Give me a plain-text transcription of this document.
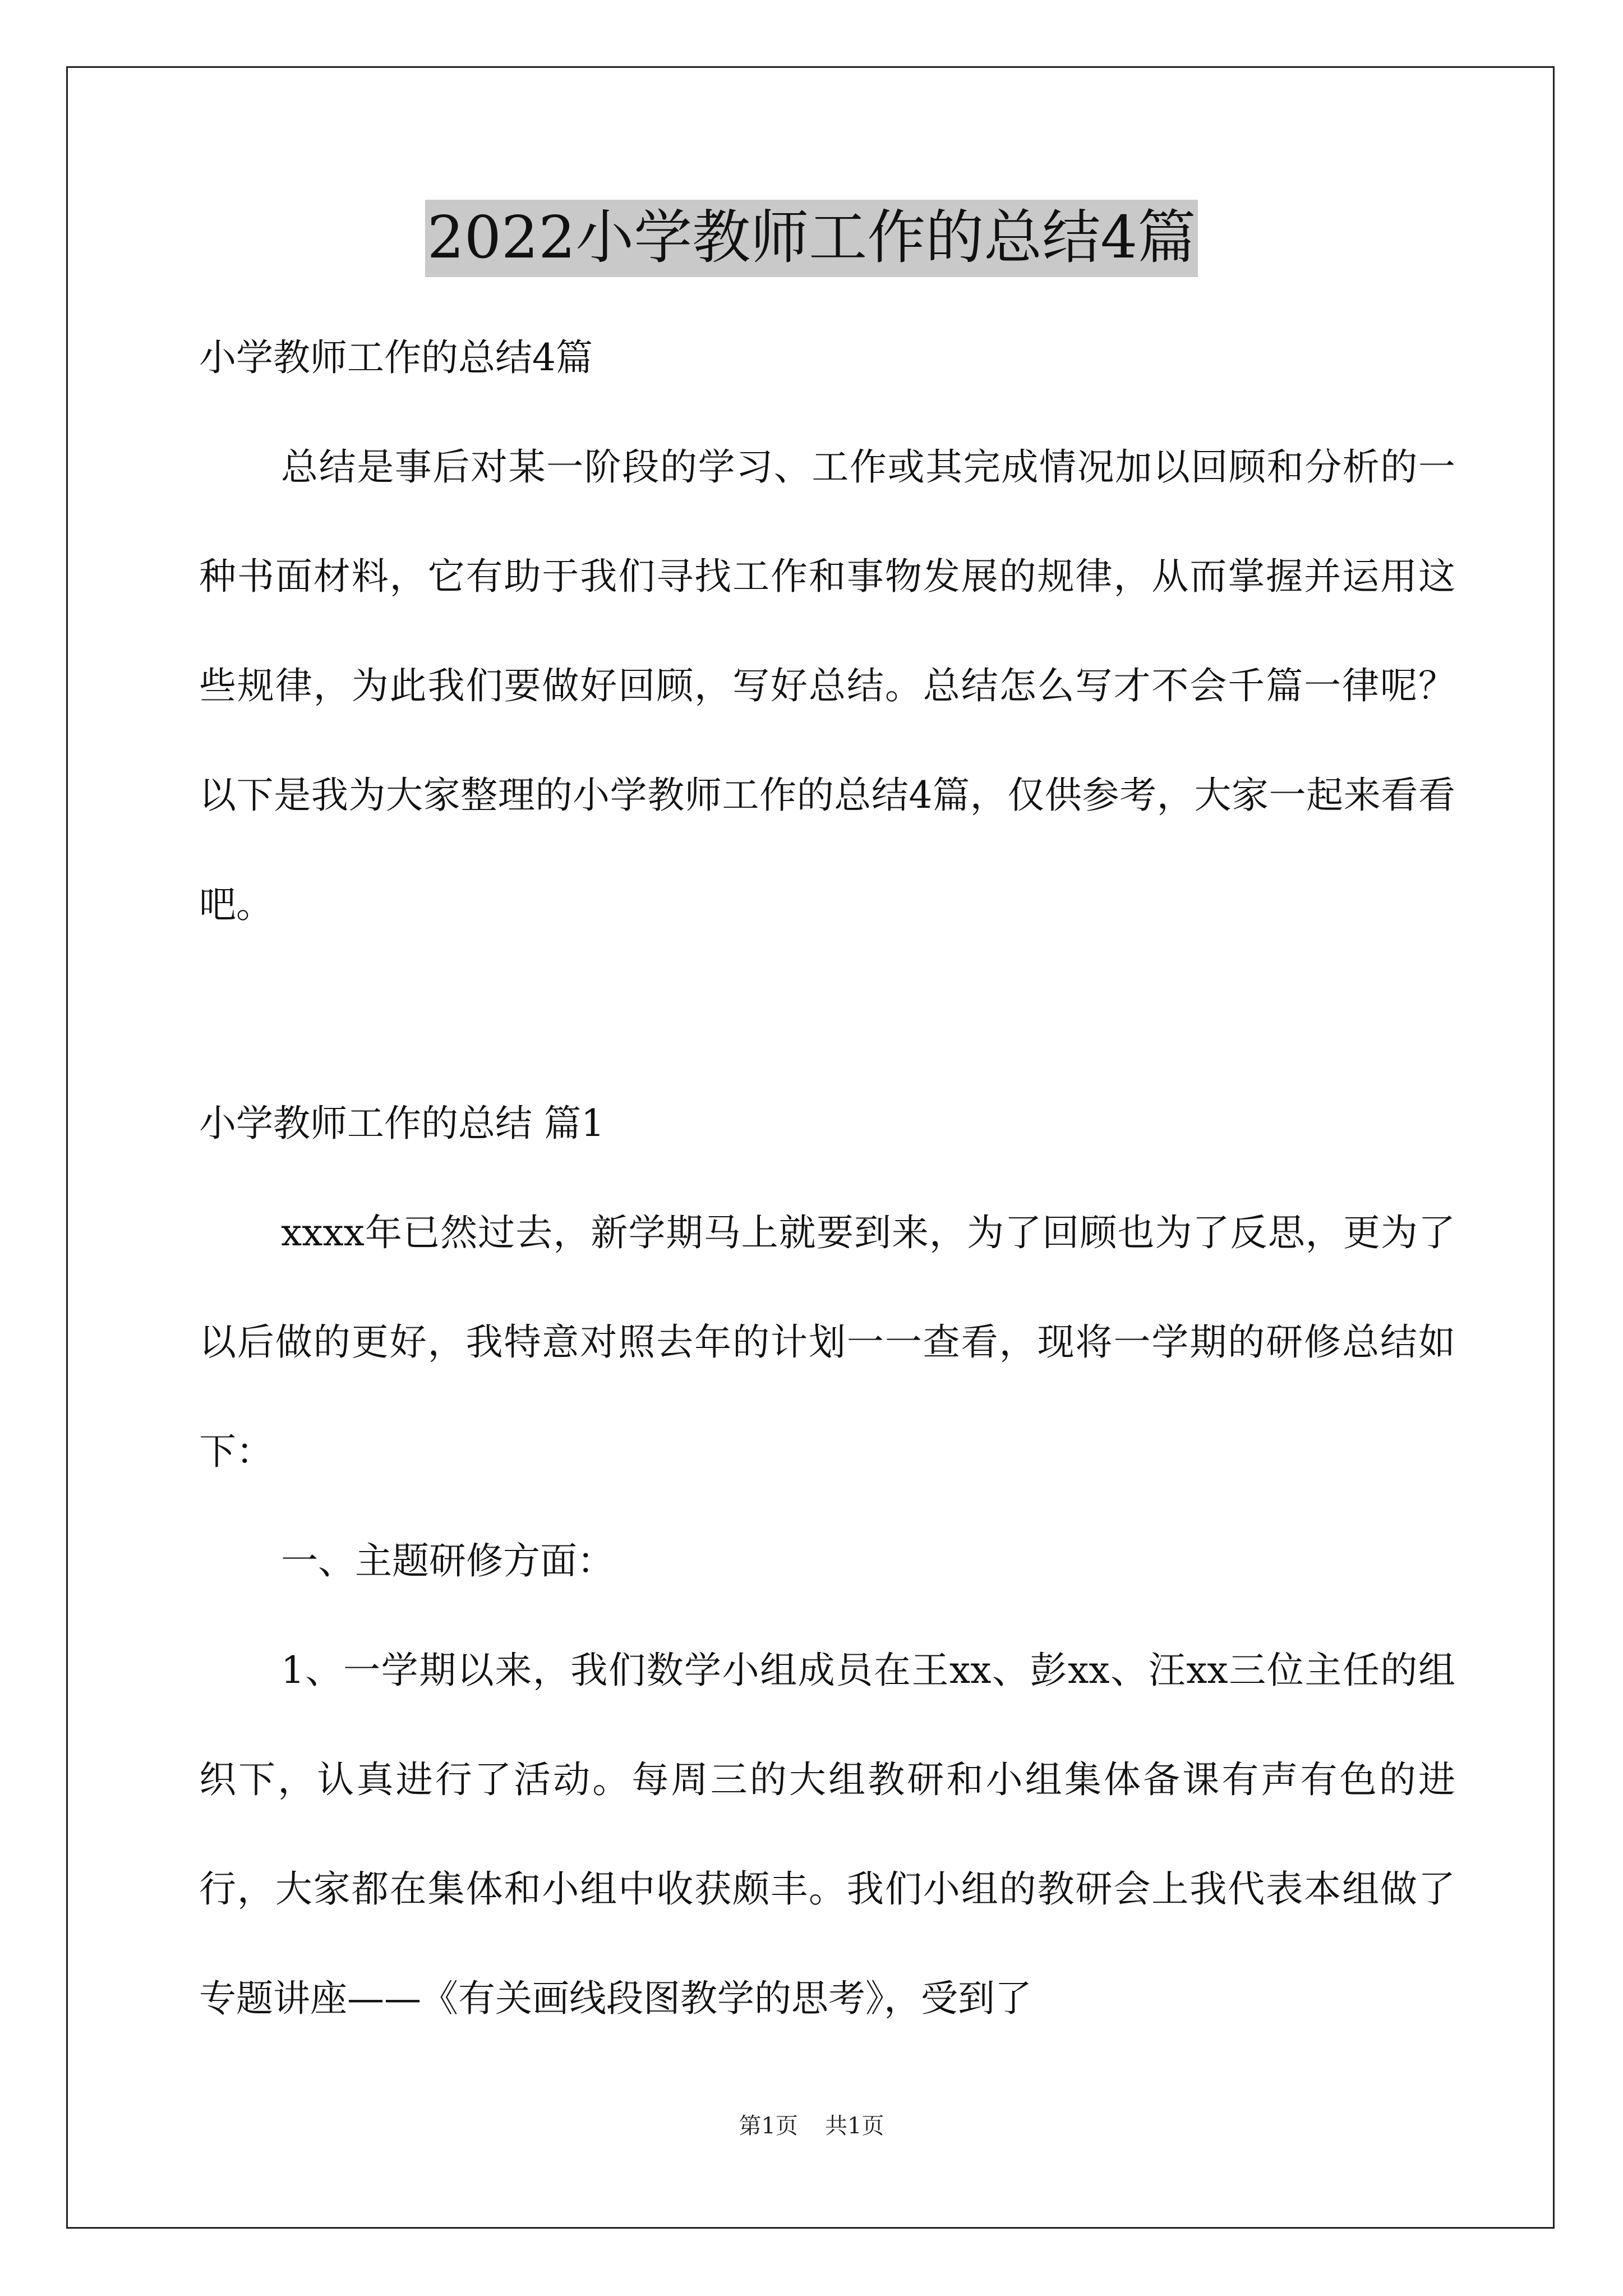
2022小学教师工作的总结4篇

小学教师工作的总结4篇

总结是事后对某一阶段的学习、工作或其完成情况加以回顾和分析的一种书面材料，它有助于我们寻找工作和事物发展的规律，从而掌握并运用这些规律，为此我们要做好回顾，写好总结。总结怎么写才不会千篇一律呢？以下是我为大家整理的小学教师工作的总结4篇，仅供参考，大家一起来看看吧。

小学教师工作的总结 篇1

xxxx年已然过去，新学期马上就要到来，为了回顾也为了反思，更为了以后做的更好，我特意对照去年的计划一一查看，现将一学期的研修总结如下：

一、主题研修方面：

1、一学期以来，我们数学小组成员在王xx、彭xx、汪xx三位主任的组织下，认真进行了活动。每周三的大组教研和小组集体备课有声有色的进行，大家都在集体和小组中收获颇丰。我们小组的教研会上我代表本组做了专题讲座——《有关画线段图教学的思考》，受到了

第1页 共1页
